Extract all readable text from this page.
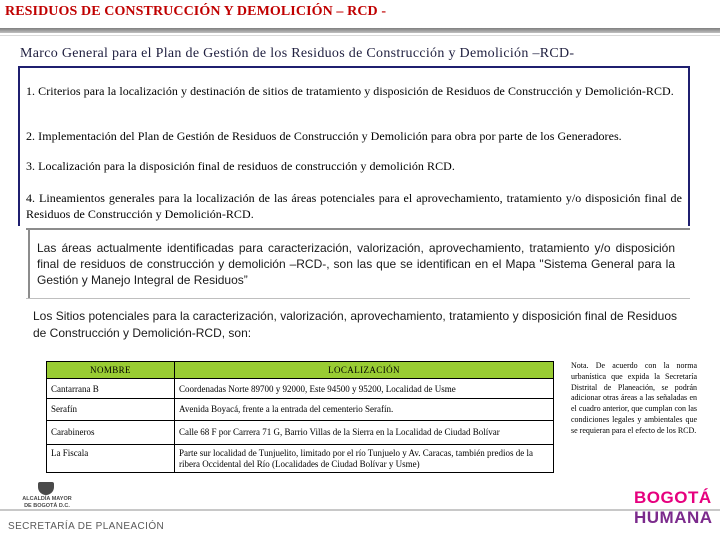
RESIDUOS DE CONSTRUCCIÓN Y DEMOLICIÓN – RCD -
Marco General para el Plan de Gestión de los Residuos de Construcción y Demolición –RCD-

1. Criterios para la localización y destinación de sitios de tratamiento y disposición de Residuos de Construcción y Demolición-RCD.

2. Implementación del Plan de Gestión de Residuos de Construcción y Demolición para obra por parte de los Generadores.

3. Localización para la disposición final de residuos de construcción y demolición RCD.

4. Lineamientos generales para la localización de las áreas potenciales para el aprovechamiento, tratamiento y/o disposición final de Residuos de Construcción y Demolición-RCD.

Las áreas actualmente identificadas para caracterización, valorización, aprovechamiento, tratamiento y/o disposición final de residuos de construcción y demolición –RCD-, son las que se identifican en el Mapa "Sistema General para la Gestión y Manejo Integral de Residuos”

Los Sitios potenciales para la caracterización, valorización, aprovechamiento, tratamiento y disposición final de Residuos de Construcción y Demolición-RCD, son:

NOMBRE	LOCALIZACIÓN
Cantarrana B	Coordenadas Norte 89700 y 92000, Este 94500 y 95200, Localidad de Usme
Serafín	Avenida Boyacá, frente a la entrada del cementerio Serafín.
Carabineros	Calle 68 F por Carrera 71 G, Barrio Villas de la Sierra en la Localidad de Ciudad Bolívar
La Fiscala	Parte sur localidad de Tunjuelito, limitado por el río Tunjuelo y Av. Caracas, también predios de la ribera Occidental del Río (Localidades de Ciudad Bolívar y Usme)

Nota. De acuerdo con la norma urbanística que expida la Secretaría Distrital de Planeación, se podrán adicionar otras áreas a las señaladas en el cuadro anterior, que cumplan con las condiciones legales y ambientales que se requieran para el efecto de los RCD.

ALCALDÍA MAYOR
DE BOGOTÁ D.C.
SECRETARÍA DE PLANEACIÓN
BOGOTÁ
HUMANA
